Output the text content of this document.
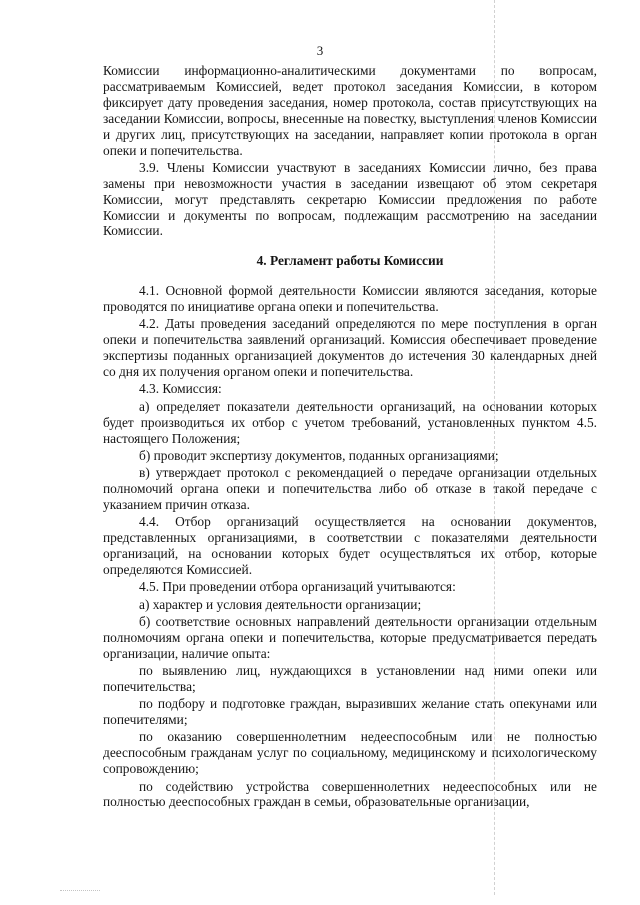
3

Комиссии информационно-аналитическими документами по вопросам, рассматриваемым Комиссией, ведет протокол заседания Комиссии, в котором фиксирует дату проведения заседания, номер протокола, состав присутствующих на заседании Комиссии, вопросы, внесенные на повестку, выступления членов Комиссии и других лиц, присутствующих на заседании, направляет копии протокола в орган опеки и попечительства.

3.9. Члены Комиссии участвуют в заседаниях Комиссии лично, без права замены при невозможности участия в заседании извещают об этом секретаря Комиссии, могут представлять секретарю Комиссии предложения по работе Комиссии и документы по вопросам, подлежащим рассмотрению на заседании Комиссии.

4. Регламент работы Комиссии

4.1. Основной формой деятельности Комиссии являются заседания, которые проводятся по инициативе органа опеки и попечительства.

4.2. Даты проведения заседаний определяются по мере поступления в орган опеки и попечительства заявлений организаций. Комиссия обеспечивает проведение экспертизы поданных организацией документов до истечения 30 календарных дней со дня их получения органом опеки и попечительства.

4.3. Комиссия:

а) определяет показатели деятельности организаций, на основании которых будет производиться их отбор с учетом требований, установленных пунктом 4.5. настоящего Положения;

б) проводит экспертизу документов, поданных организациями;

в) утверждает протокол с рекомендацией о передаче организации отдельных полномочий органа опеки и попечительства либо об отказе в такой передаче с указанием причин отказа.

4.4. Отбор организаций осуществляется на основании документов, представленных организациями, в соответствии с показателями деятельности организаций, на основании которых будет осуществляться их отбор, которые определяются Комиссией.

4.5. При проведении отбора организаций учитываются:

а) характер и условия деятельности организации;

б) соответствие основных направлений деятельности организации отдельным полномочиям органа опеки и попечительства, которые предусматривается передать организации, наличие опыта:

по выявлению лиц, нуждающихся в установлении над ними опеки или попечительства;

по подбору и подготовке граждан, выразивших желание стать опекунами или попечителями;

по оказанию совершеннолетним недееспособным или не полностью дееспособным гражданам услуг по социальному, медицинскому и психологическому сопровождению;

по содействию устройства совершеннолетних недееспособных или не полностью дееспособных граждан в семьи, образовательные организации,
